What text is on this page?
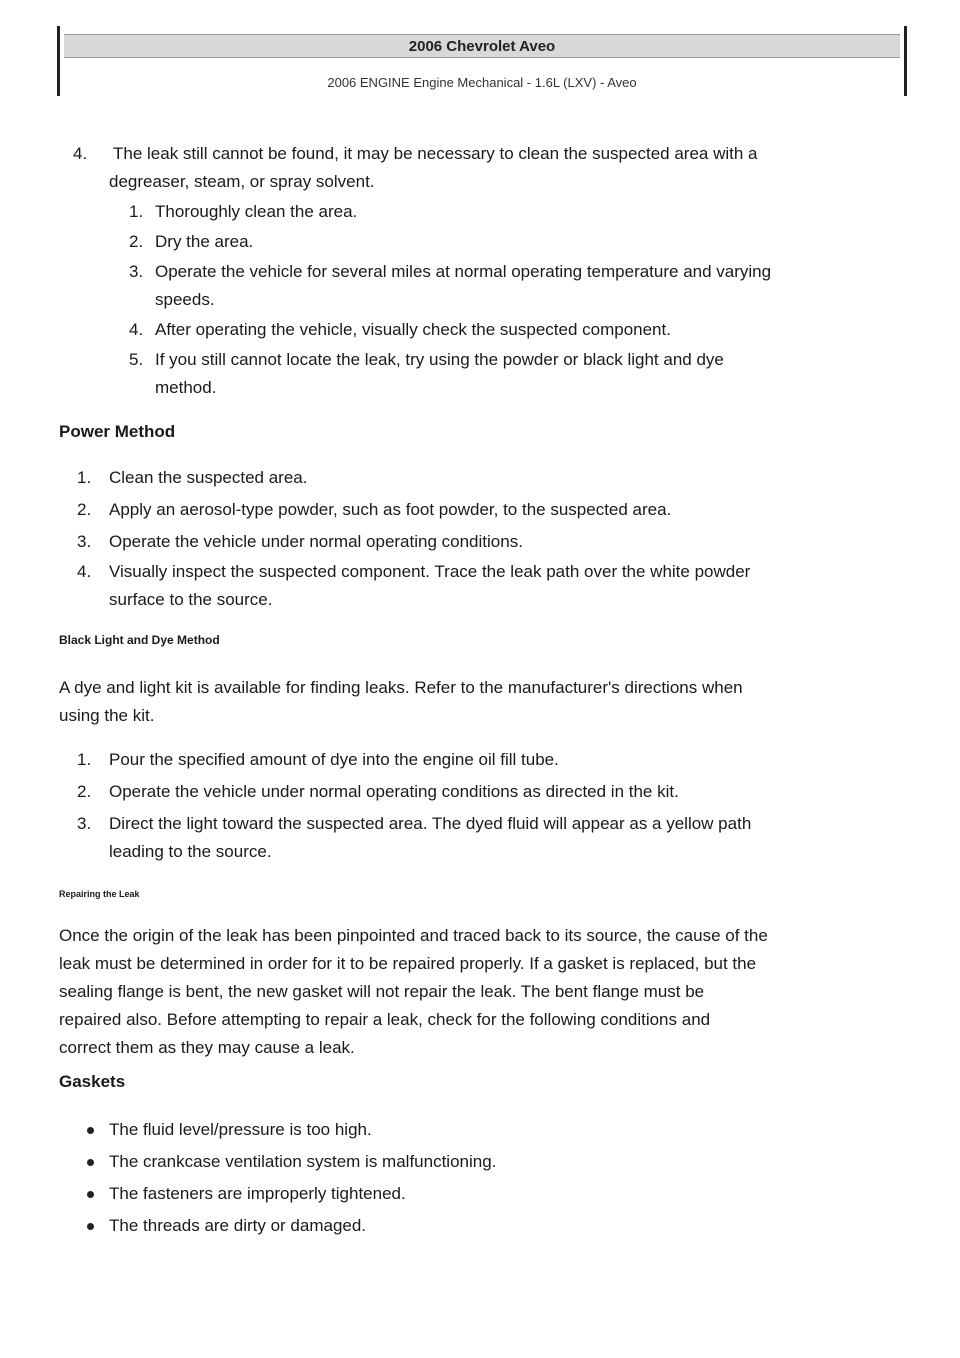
2006 Chevrolet Aveo
2006 ENGINE Engine Mechanical - 1.6L (LXV) - Aveo
4. The leak still cannot be found, it may be necessary to clean the suspected area with a
degreaser, steam, or spray solvent.
1. Thoroughly clean the area.
2. Dry the area.
3. Operate the vehicle for several miles at normal operating temperature and varying
speeds.
4. After operating the vehicle, visually check the suspected component.
5. If you still cannot locate the leak, try using the powder or black light and dye
method.
Power Method
1. Clean the suspected area.
2. Apply an aerosol-type powder, such as foot powder, to the suspected area.
3. Operate the vehicle under normal operating conditions.
4. Visually inspect the suspected component. Trace the leak path over the white powder
surface to the source.
Black Light and Dye Method
A dye and light kit is available for finding leaks. Refer to the manufacturer's directions when
using the kit.
1. Pour the specified amount of dye into the engine oil fill tube.
2. Operate the vehicle under normal operating conditions as directed in the kit.
3. Direct the light toward the suspected area. The dyed fluid will appear as a yellow path
leading to the source.
Repairing the Leak
Once the origin of the leak has been pinpointed and traced back to its source, the cause of the
leak must be determined in order for it to be repaired properly. If a gasket is replaced, but the
sealing flange is bent, the new gasket will not repair the leak. The bent flange must be
repaired also. Before attempting to repair a leak, check for the following conditions and
correct them as they may cause a leak.
Gaskets
The fluid level/pressure is too high.
The crankcase ventilation system is malfunctioning.
The fasteners are improperly tightened.
The threads are dirty or damaged.
